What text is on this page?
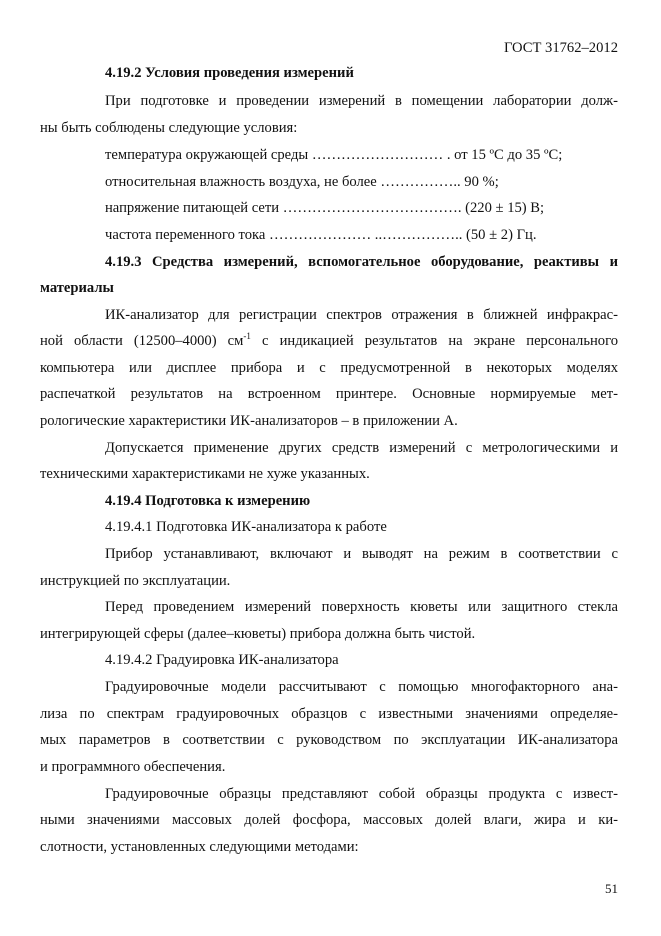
ГОСТ 31762–2012
4.19.2 Условия проведения измерений
При подготовке и проведении измерений в помещении лаборатории долж-
ны быть соблюдены следующие условия:
температура окружающей среды ……………………… . от 15 ºС до 35 ºС;
относительная влажность воздуха, не более …………….. 90 %;
напряжение питающей сети ………………………………. (220 ± 15) В;
частота переменного тока ………………… ..…………….. (50 ± 2) Гц.
4.19.3 Средства измерений, вспомогательное оборудование, реактивы и
материалы
ИК-анализатор для регистрации спектров отражения в ближней инфракрас-
ной области (12500–4000) $см^{-1}$ с индикацией результатов на экране персонального
компьютера или дисплее прибора и с предусмотренной в некоторых моделях
распечаткой результатов на встроенном принтере. Основные нормируемые мет-
рологические характеристики ИК-анализаторов – в приложении А.
Допускается применение других средств измерений с метрологическими и
техническими характеристиками не хуже указанных.
4.19.4 Подготовка к измерению
4.19.4.1 Подготовка ИК-анализатора к работе
Прибор устанавливают, включают и выводят на режим в соответствии с
инструкцией по эксплуатации.
Перед проведением измерений поверхность кюветы или защитного стекла
интегрирующей сферы (далее–кюветы) прибора должна быть чистой.
4.19.4.2 Градуировка ИК-анализатора
Градуировочные модели рассчитывают с помощью многофакторного ана-
лиза по спектрам градуировочных образцов с известными значениями определяе-
мых параметров в соответствии с руководством по эксплуатации ИК-анализатора
и программного обеспечения.
Градуировочные образцы представляют собой образцы продукта с извест-
ными значениями массовых долей фосфора, массовых долей влаги, жира и ки-
слотности, установленных следующими методами:
51
